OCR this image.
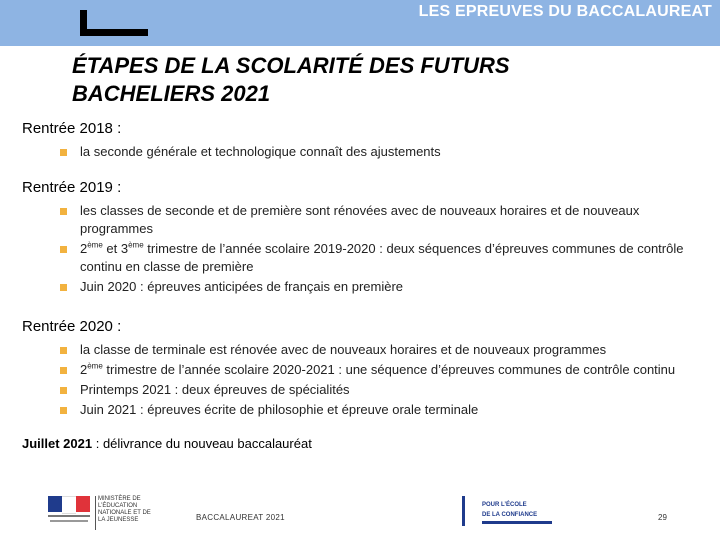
LES EPREUVES DU BACCALAUREAT
ÉTAPES DE LA SCOLARITÉ DES FUTURS
BACHELIERS 2021

Rentrée 2018 :

la seconde générale et technologique connaît des ajustements

Rentrée 2019 :

les classes de seconde et de première sont rénovées avec de nouveaux horaires et de nouveaux programmes
2ème et 3ème trimestre de l’année scolaire 2019-2020 : deux séquences d’épreuves communes de contrôle continu en classe de première
Juin 2020 : épreuves anticipées de français en première

Rentrée 2020 :

la classe de terminale est rénovée avec de nouveaux horaires et de nouveaux programmes
2ème trimestre de l’année scolaire 2020-2021 : une séquence d’épreuves communes de contrôle continu
Printemps 2021 : deux épreuves de spécialités
Juin 2021 : épreuves écrite de philosophie et épreuve orale terminale

Juillet 2021 : délivrance du nouveau baccalauréat

MINISTÈRE DE L’ÉDUCATION NATIONALE ET DE LA JEUNESSE	BACCALAUREAT 2021
POUR L’ÉCOLE
DE LA CONFIANCE	29
